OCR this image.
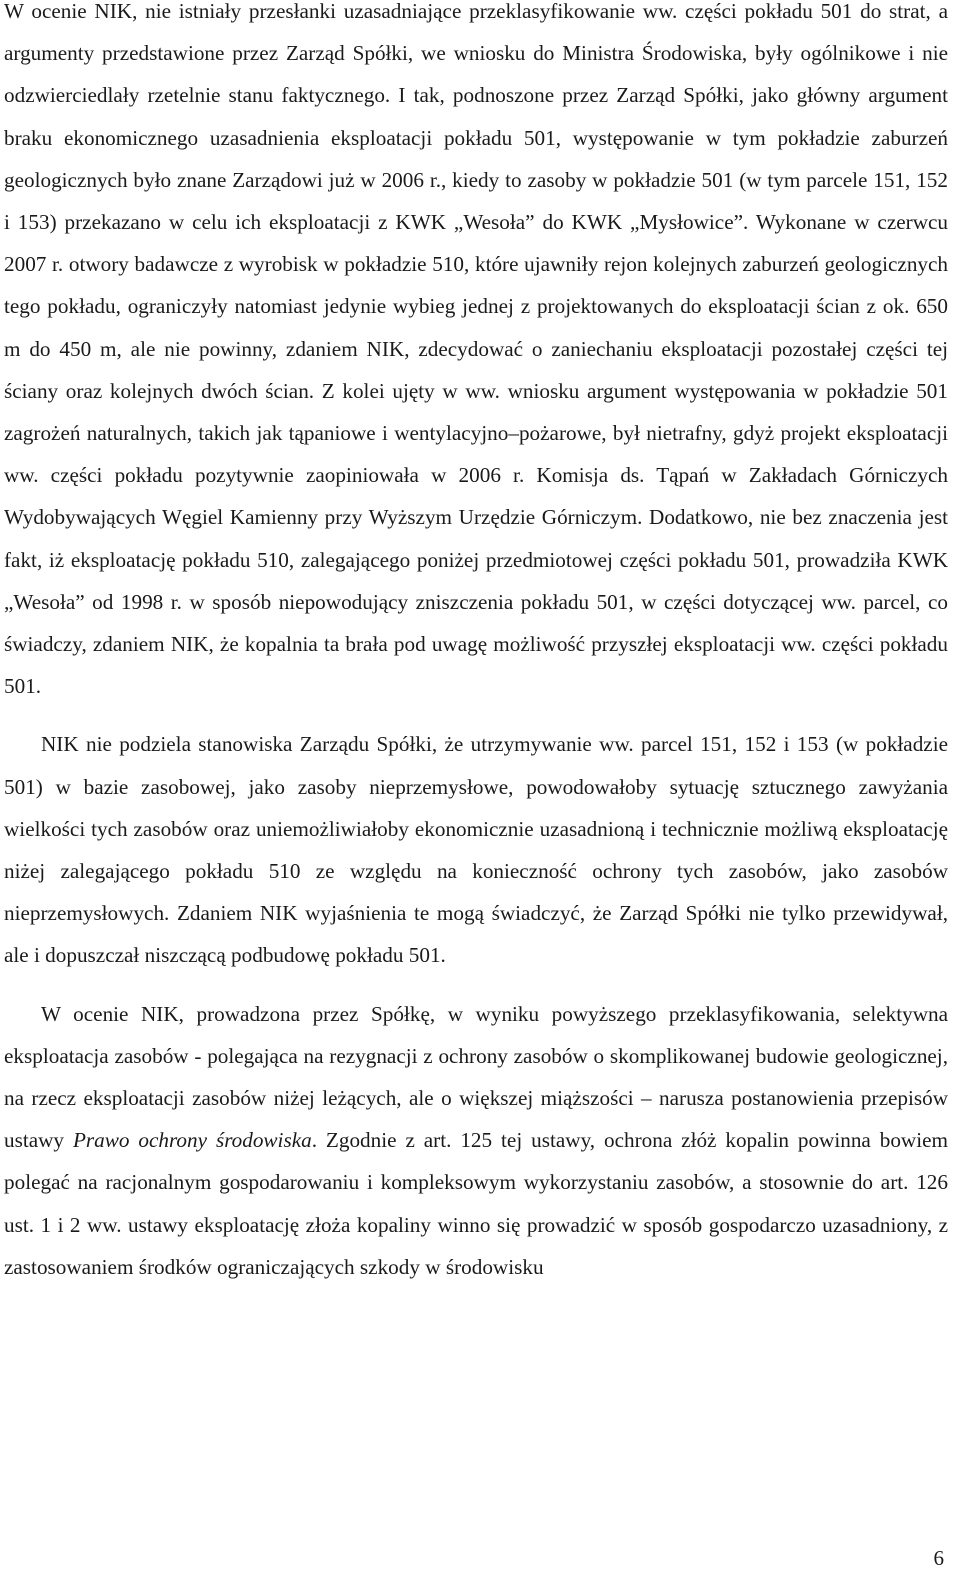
W ocenie NIK, nie istniały przesłanki uzasadniające przeklasyfikowanie ww. części pokładu 501 do strat, a argumenty przedstawione przez Zarząd Spółki, we wniosku do Ministra Środowiska, były ogólnikowe i nie odzwierciedlały rzetelnie stanu faktycznego. I tak, podnoszone przez Zarząd Spółki, jako główny argument braku ekonomicznego uzasadnienia eksploatacji pokładu 501, występowanie w tym pokładzie zaburzeń geologicznych było znane Zarządowi już w 2006 r., kiedy to zasoby w pokładzie 501 (w tym parcele 151, 152 i 153) przekazano w celu ich eksploatacji z KWK „Wesoła” do KWK „Mysłowice”. Wykonane w czerwcu 2007 r. otwory badawcze z wyrobisk w pokładzie 510, które ujawniły rejon kolejnych zaburzeń geologicznych tego pokładu, ograniczyły natomiast jedynie wybieg jednej z projektowanych do eksploatacji ścian z ok. 650 m do 450 m, ale nie powinny, zdaniem NIK, zdecydować o zaniechaniu eksploatacji pozostałej części tej ściany oraz kolejnych dwóch ścian. Z kolei ujęty w ww. wniosku argument występowania w pokładzie 501 zagrożeń naturalnych, takich jak tąpaniowe i wentylacyjno–pożarowe, był nietrafny, gdyż projekt eksploatacji ww. części pokładu pozytywnie zaopiniowała w 2006 r. Komisja ds. Tąpań w Zakładach Górniczych Wydobywających Węgiel Kamienny przy Wyższym Urzędzie Górniczym. Dodatkowo, nie bez znaczenia jest fakt, iż eksploatację pokładu 510, zalegającego poniżej przedmiotowej części pokładu 501, prowadziła KWK „Wesoła” od 1998 r. w sposób niepowodujący zniszczenia pokładu 501, w części dotyczącej ww. parcel, co świadczy, zdaniem NIK, że kopalnia ta brała pod uwagę możliwość przyszłej eksploatacji ww. części pokładu 501.

NIK nie podziela stanowiska Zarządu Spółki, że utrzymywanie ww. parcel 151, 152 i 153 (w pokładzie 501) w bazie zasobowej, jako zasoby nieprzemysłowe, powodowałoby sytuację sztucznego zawyżania wielkości tych zasobów oraz uniemożliwiałoby ekonomicznie uzasadnioną i technicznie możliwą eksploatację niżej zalegającego pokładu 510 ze względu na konieczność ochrony tych zasobów, jako zasobów nieprzemysłowych. Zdaniem NIK wyjaśnienia te mogą świadczyć, że Zarząd Spółki nie tylko przewidywał, ale i dopuszczał niszczącą podbudowę pokładu 501.

W ocenie NIK, prowadzona przez Spółkę, w wyniku powyższego przeklasyfikowania, selektywna eksploatacja zasobów - polegająca na rezygnacji z ochrony zasobów o skomplikowanej budowie geologicznej, na rzecz eksploatacji zasobów niżej leżących, ale o większej miąższości – narusza postanowienia przepisów ustawy Prawo ochrony środowiska. Zgodnie z art. 125 tej ustawy, ochrona złóż kopalin powinna bowiem polegać na racjonalnym gospodarowaniu i kompleksowym wykorzystaniu zasobów, a stosownie do art. 126 ust. 1 i 2 ww. ustawy eksploatację złoża kopaliny winno się prowadzić w sposób gospodarczo uzasadniony, z zastosowaniem środków ograniczających szkody w środowisku

6
